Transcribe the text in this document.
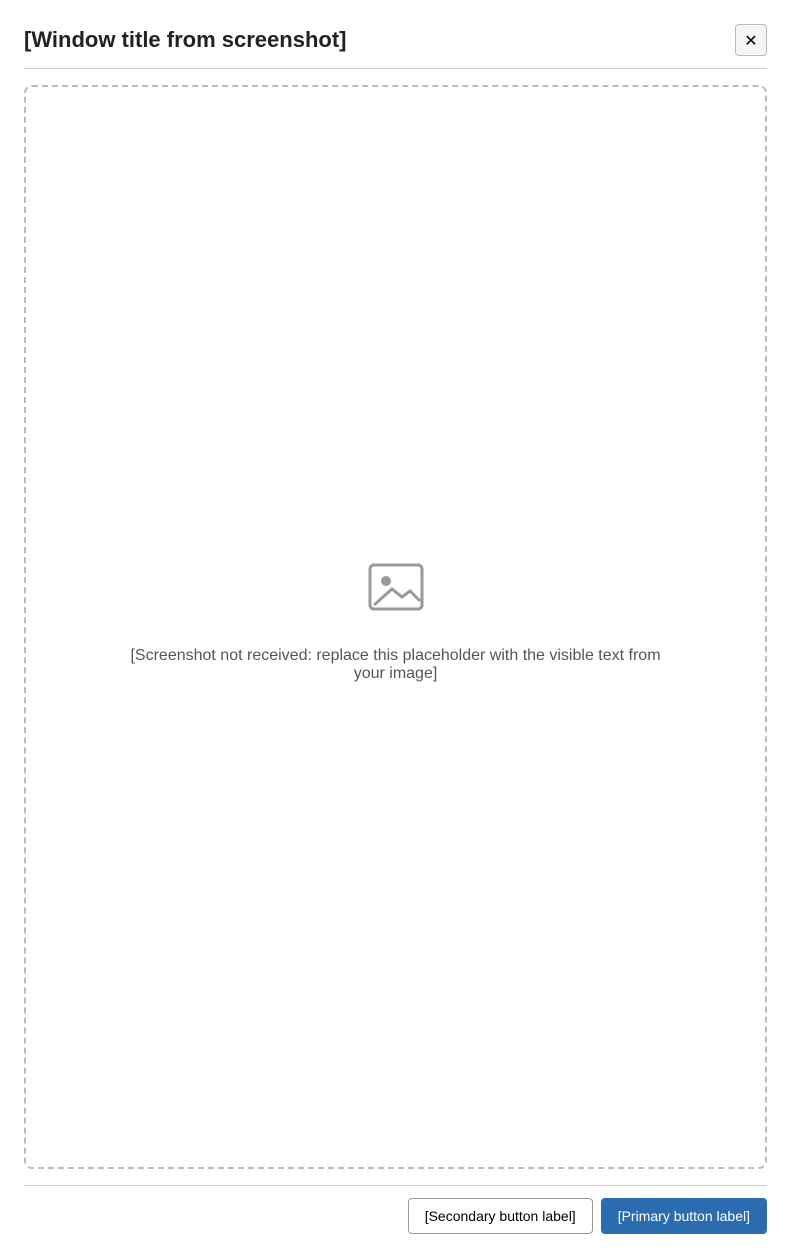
[Window title from screenshot]	✕

[Screenshot not received: replace this placeholder with the visible text from your image]

[Secondary button label]	[Primary button label]
